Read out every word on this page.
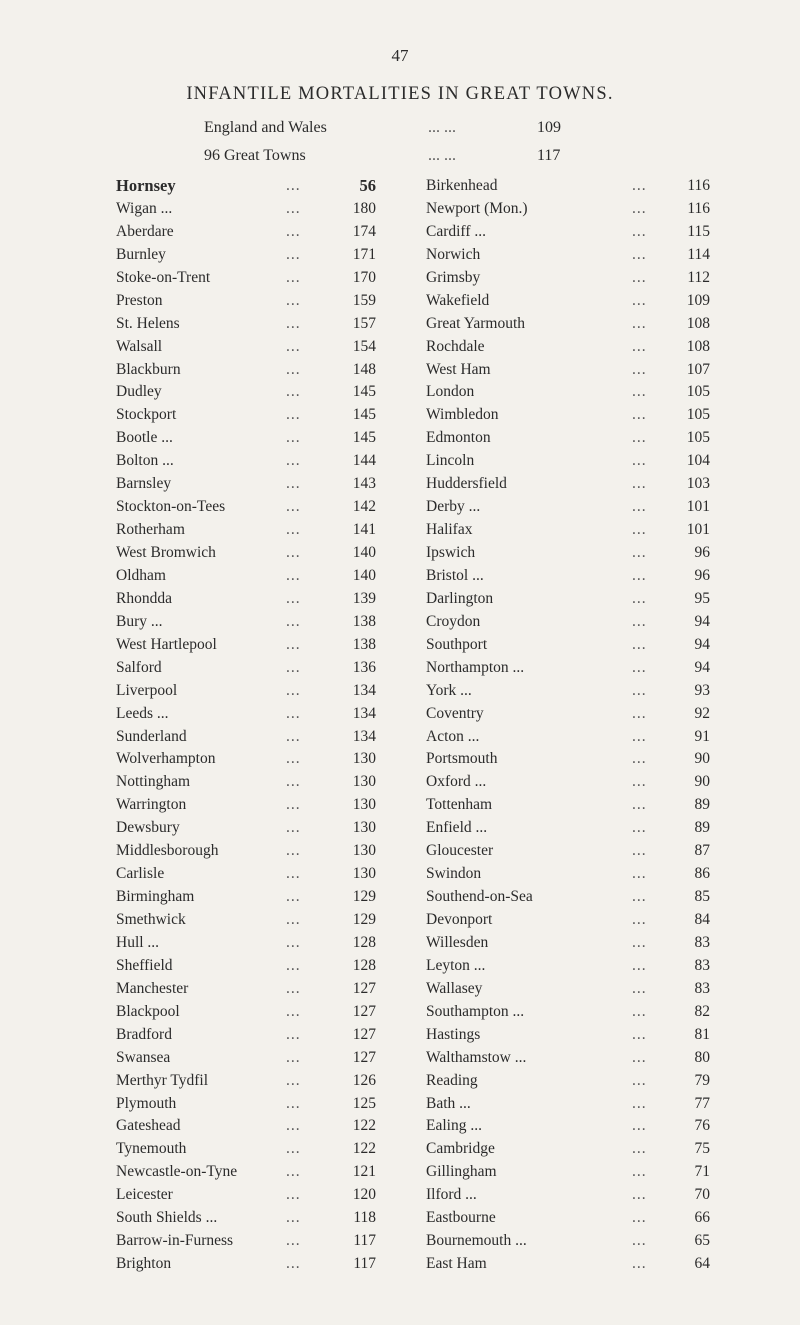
47
INFANTILE MORTALITIES IN GREAT TOWNS.
England and Wales	... ...	109
96 Great Towns	... ...	117
Hornsey	...	56	Birkenhead	...	116
Wigan ...	...	180	Newport (Mon.)	...	116
Aberdare	...	174	Cardiff ...	...	115
Burnley	...	171	Norwich	...	114
Stoke-on-Trent	...	170	Grimsby	...	112
Preston	...	159	Wakefield	...	109
St. Helens	...	157	Great Yarmouth	...	108
Walsall	...	154	Rochdale	...	108
Blackburn	...	148	West Ham	...	107
Dudley	...	145	London	...	105
Stockport	...	145	Wimbledon	...	105
Bootle ...	...	145	Edmonton	...	105
Bolton ...	...	144	Lincoln	...	104
Barnsley	...	143	Huddersfield	...	103
Stockton-on-Tees	...	142	Derby ...	...	101
Rotherham	...	141	Halifax	...	101
West Bromwich	...	140	Ipswich	...	96
Oldham	...	140	Bristol ...	...	96
Rhondda	...	139	Darlington	...	95
Bury ...	...	138	Croydon	...	94
West Hartlepool	...	138	Southport	...	94
Salford	...	136	Northampton ...	...	94
Liverpool	...	134	York ...	...	93
Leeds ...	...	134	Coventry	...	92
Sunderland	...	134	Acton ...	...	91
Wolverhampton	...	130	Portsmouth	...	90
Nottingham	...	130	Oxford ...	...	90
Warrington	...	130	Tottenham	...	89
Dewsbury	...	130	Enfield ...	...	89
Middlesborough	...	130	Gloucester	...	87
Carlisle	...	130	Swindon	...	86
Birmingham	...	129	Southend-on-Sea	...	85
Smethwick	...	129	Devonport	...	84
Hull ...	...	128	Willesden	...	83
Sheffield	...	128	Leyton ...	...	83
Manchester	...	127	Wallasey	...	83
Blackpool	...	127	Southampton ...	...	82
Bradford	...	127	Hastings	...	81
Swansea	...	127	Walthamstow ...	...	80
Merthyr Tydfil	...	126	Reading	...	79
Plymouth	...	125	Bath ...	...	77
Gateshead	...	122	Ealing ...	...	76
Tynemouth	...	122	Cambridge	...	75
Newcastle-on-Tyne	...	121	Gillingham	...	71
Leicester	...	120	Ilford ...	...	70
South Shields ...	...	118	Eastbourne	...	66
Barrow-in-Furness	...	117	Bournemouth ...	...	65
Brighton	...	117	East Ham	...	64
